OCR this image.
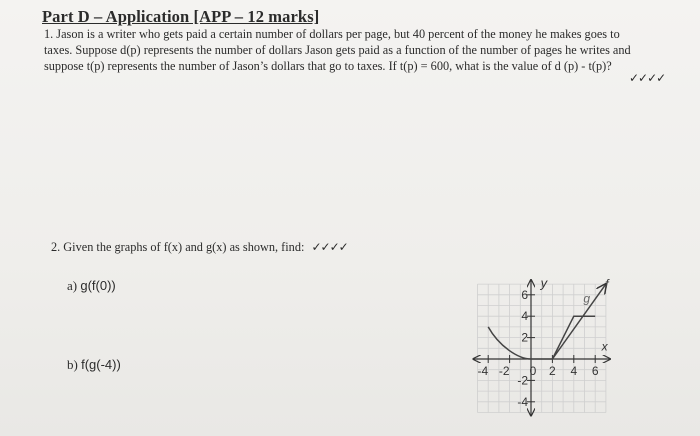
Part D – Application [APP – 12 marks]
1. Jason is a writer who gets paid a certain number of dollars per page, but 40 percent of the money he makes goes to
taxes. Suppose d(p) represents the number of dollars Jason gets paid as a function of the number of pages he writes and
suppose t(p) represents the number of Jason’s dollars that go to taxes. If t(p) = 600, what is the value of d (p) - t(p)?
✓✓✓✓
2. Given the graphs of f(x) and g(x) as shown, find: ✓✓✓✓
a) g(f(0))
b) f(g(-4))	-4 -2 0 2 4 6
6
4
2
-2
-4
x
y	f
g
